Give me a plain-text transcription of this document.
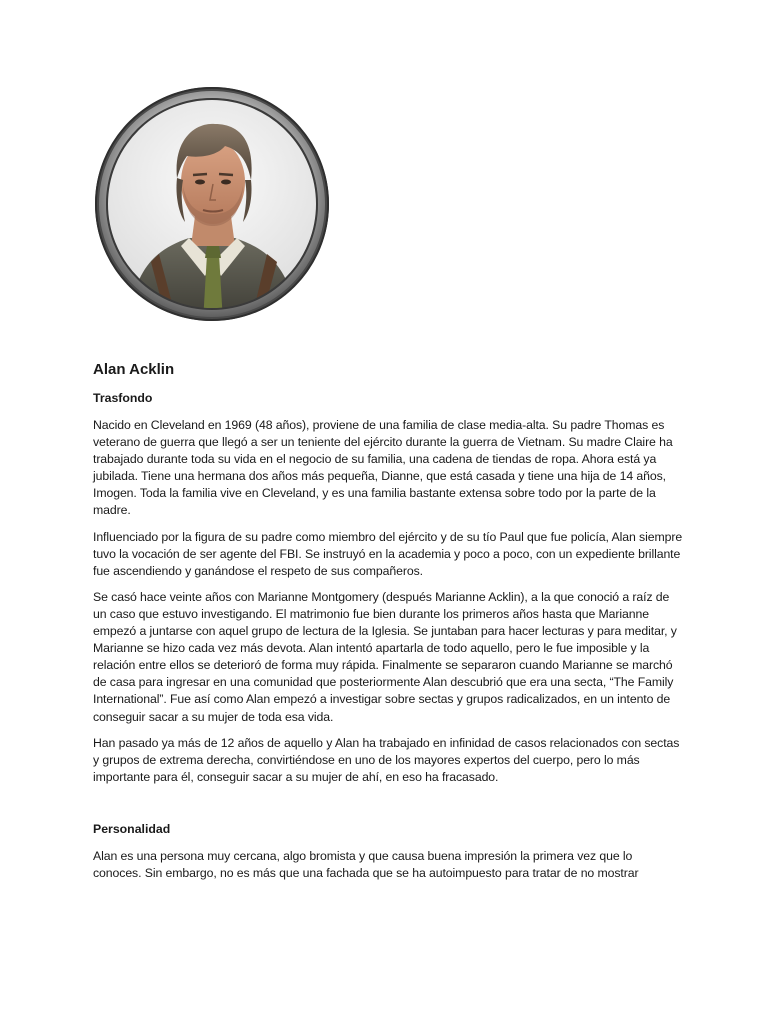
Alan Acklin
Trasfondo

Nacido en Cleveland en 1969 (48 años), proviene de una familia de clase media-alta. Su padre Thomas es veterano de guerra que llegó a ser un teniente del ejército durante la guerra de Vietnam. Su madre Claire ha trabajado durante toda su vida en el negocio de su familia, una cadena de tiendas de ropa. Ahora está ya jubilada. Tiene una hermana dos años más pequeña, Dianne, que está casada y tiene una hija de 14 años, Imogen. Toda la familia vive en Cleveland, y es una familia bastante extensa sobre todo por la parte de la madre.

Influenciado por la figura de su padre como miembro del ejército y de su tío Paul que fue policía, Alan siempre tuvo la vocación de ser agente del FBI. Se instruyó en la academia y poco a poco, con un expediente brillante fue ascendiendo y ganándose el respeto de sus compañeros.

Se casó hace veinte años con Marianne Montgomery (después Marianne Acklin), a la que conoció a raíz de un caso que estuvo investigando. El matrimonio fue bien durante los primeros años hasta que Marianne empezó a juntarse con aquel grupo de lectura de la Iglesia. Se juntaban para hacer lecturas y para meditar, y Marianne se hizo cada vez más devota. Alan intentó apartarla de todo aquello, pero le fue imposible y la relación entre ellos se deterioró de forma muy rápida. Finalmente se separaron cuando Marianne se marchó de casa para ingresar en una comunidad que posteriormente Alan descubrió que era una secta, “The Family International”. Fue así como Alan empezó a investigar sobre sectas y grupos radicalizados, en un intento de conseguir sacar a su mujer de toda esa vida.

Han pasado ya más de 12 años de aquello y Alan ha trabajado en infinidad de casos relacionados con sectas y grupos de extrema derecha, convirtiéndose en uno de los mayores expertos del cuerpo, pero lo más importante para él, conseguir sacar a su mujer de ahí, en eso ha fracasado.

Personalidad

Alan es una persona muy cercana, algo bromista y que causa buena impresión la primera vez que lo conoces. Sin embargo, no es más que una fachada que se ha autoimpuesto para tratar de no mostrar
